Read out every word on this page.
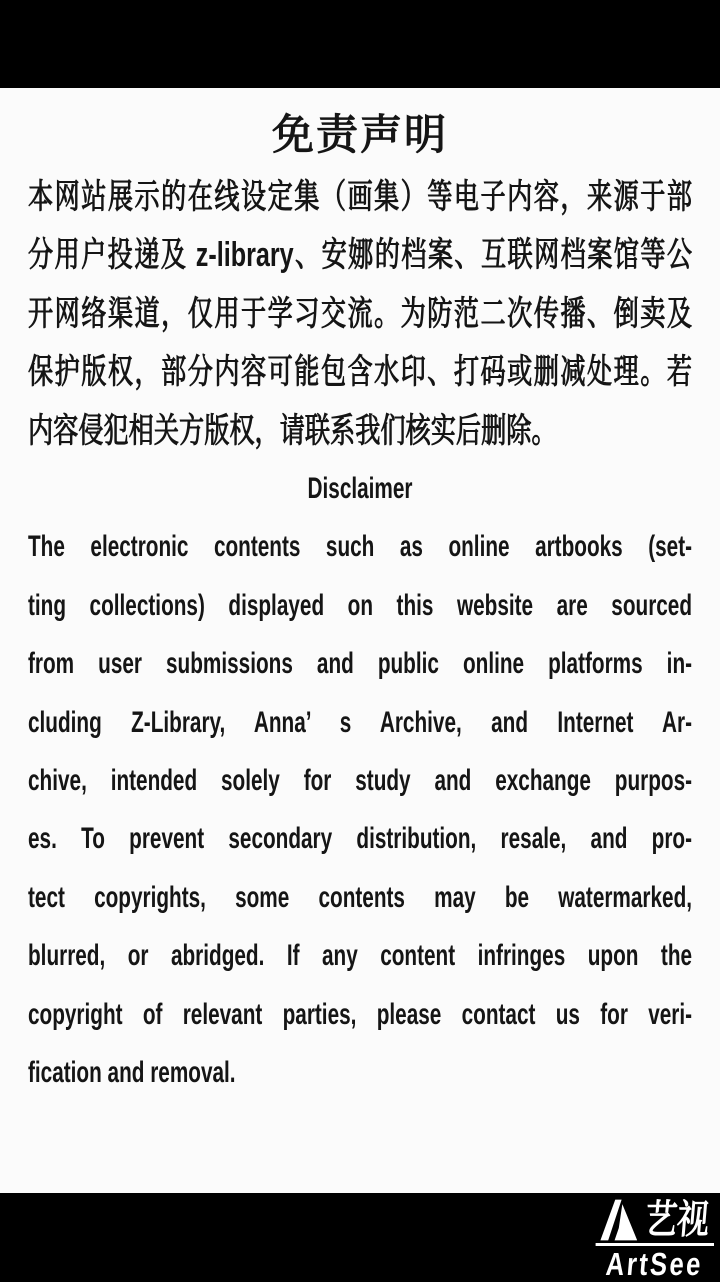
免责声明
本网站展示的在线设定集（画集）等电子内容，来源于部
分用户投递及 z-library、安娜的档案、互联网档案馆等公
开网络渠道，仅用于学习交流。为防范二次传播、倒卖及
保护版权，部分内容可能包含水印、打码或删减处理。若
内容侵犯相关方版权，请联系我们核实后删除。
Disclaimer
The electronic contents such as online artbooks (set-
ting collections) displayed on this website are sourced
from user submissions and public online platforms in-
cluding Z-Library, Anna’ s Archive, and Internet Ar-
chive, intended solely for study and exchange purpos-
es. To prevent secondary distribution, resale, and pro-
tect copyrights, some contents may be watermarked,
blurred, or abridged. If any content infringes upon the
copyright of relevant parties, please contact us for veri-
fication and removal.
艺视
ArtSee
